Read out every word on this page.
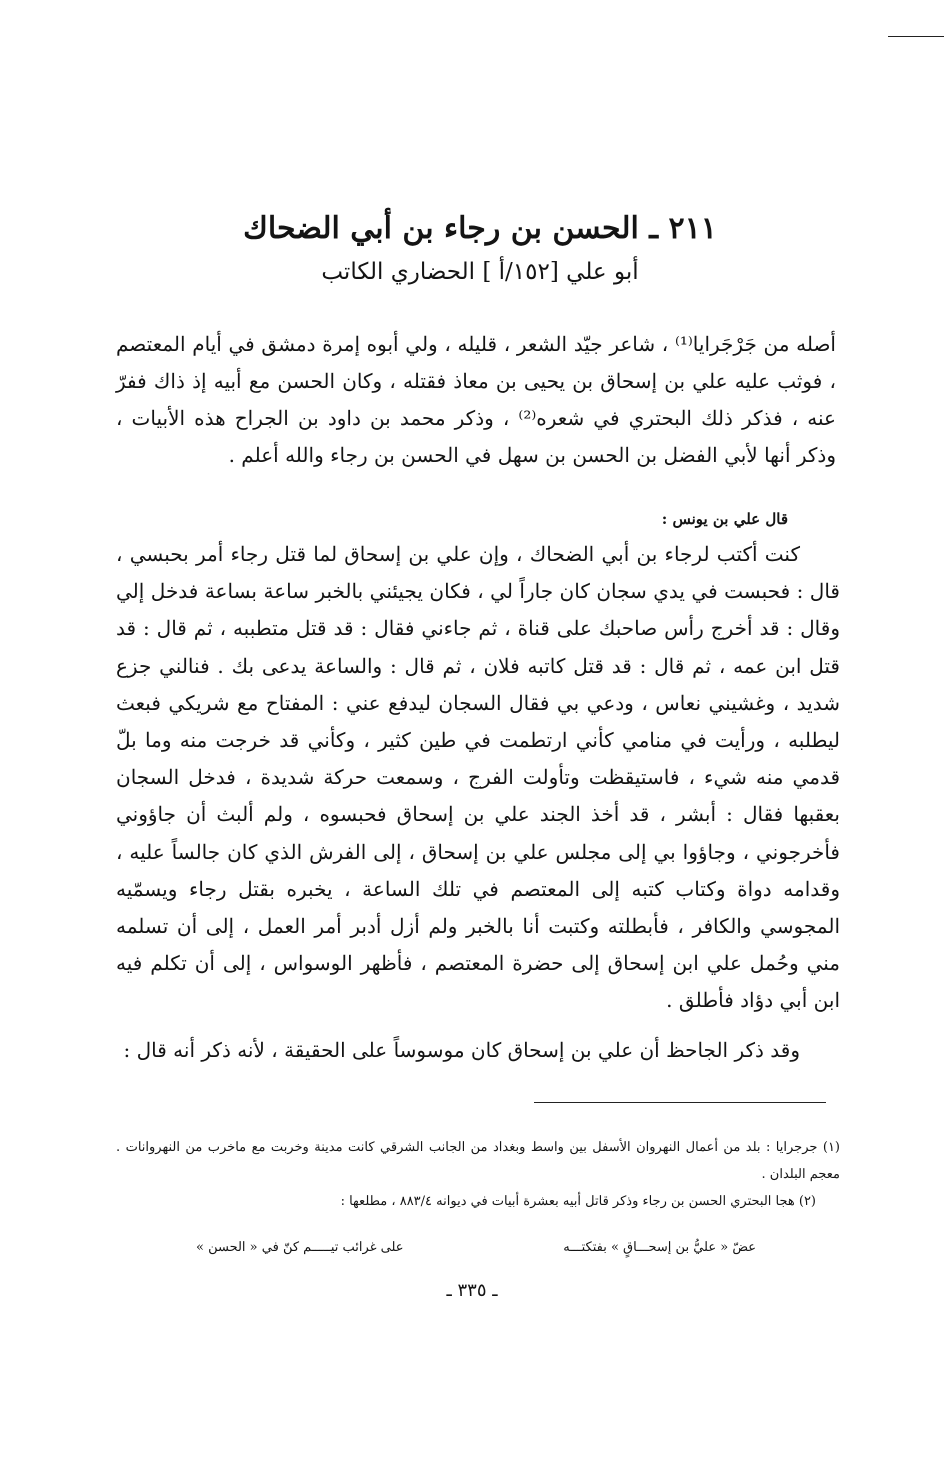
٢١١ ـ الحسن بن رجاء بن أبي الضحاك
أبو علي [١٥٢/أ ] الحضاري الكاتب

أصله من جَرْجَرايا⁽¹⁾ ، شاعر جيّد الشعر ، قليله ، ولي أبوه إمرة دمشق في أيام المعتصم ، فوثب عليه علي بن إسحاق بن يحيى بن معاذ فقتله ، وكان الحسن مع أبيه إذ ذاك ففرّ عنه ، فذكر ذلك البحتري في شعره⁽²⁾ ، وذكر محمد بن داود بن الجراح هذه الأبيات ، وذكر أنها لأبي الفضل بن الحسن بن سهل في الحسن بن رجاء والله أعلم .

قال علي بن يونس :

كنت أكتب لرجاء بن أبي الضحاك ، وإن علي بن إسحاق لما قتل رجاء أمر بحبسي ، قال : فحبست في يدي سجان كان جاراً لي ، فكان يجيئني بالخبر ساعة بساعة فدخل إلي وقال : قد أخرج رأس صاحبك على قناة ، ثم جاءني فقال : قد قتل متطببه ، ثم قال : قد قتل ابن عمه ، ثم قال : قد قتل كاتبه فلان ، ثم قال : والساعة يدعى بك . فنالني جزع شديد ، وغشيني نعاس ، ودعي بي فقال السجان ليدفع عني : المفتاح مع شريكي فبعث ليطلبه ، ورأيت في منامي كأني ارتطمت في طين كثير ، وكأني قد خرجت منه وما بلّ قدمي منه شيء ، فاستيقظت وتأولت الفرج ، وسمعت حركة شديدة ، فدخل السجان بعقبها فقال : أبشر ، قد أخذ الجند علي بن إسحاق فحبسوه ، ولم ألبث أن جاؤوني فأخرجوني ، وجاؤوا بي إلى مجلس علي بن إسحاق ، إلى الفرش الذي كان جالساً عليه ، وقدامه دواة وكتاب كتبه إلى المعتصم في تلك الساعة ، يخبره بقتل رجاء ويسمّيه المجوسي والكافر ، فأبطلته وكتبت أنا بالخبر ولم أزل أدبر أمر العمل ، إلى أن تسلمه مني وحُمل علي ابن إسحاق إلى حضرة المعتصم ، فأظهر الوسواس ، إلى أن تكلم فيه ابن أبي دؤاد فأطلق .

وقد ذكر الجاحظ أن علي بن إسحاق كان موسوساً على الحقيقة ، لأنه ذكر أنه قال :

(١) جرجرايا : بلد من أعمال النهروان الأسفل بين واسط وبغداد من الجانب الشرقي كانت مدينة وخربت مع ماخرب من النهروانات . معجم البلدان .

(٢) هجا البحتري الحسن بن رجاء وذكر قاتل أبيه بعشرة أبيات في ديوانه ٨٨٣/٤ ، مطلعها :

عضّ « عليُّ بن إسحـــاقٍ » بفتكتـــه
على غرائب تيـــــم كنّ في « الحسن »
ـ ٣٣٥ ـ
